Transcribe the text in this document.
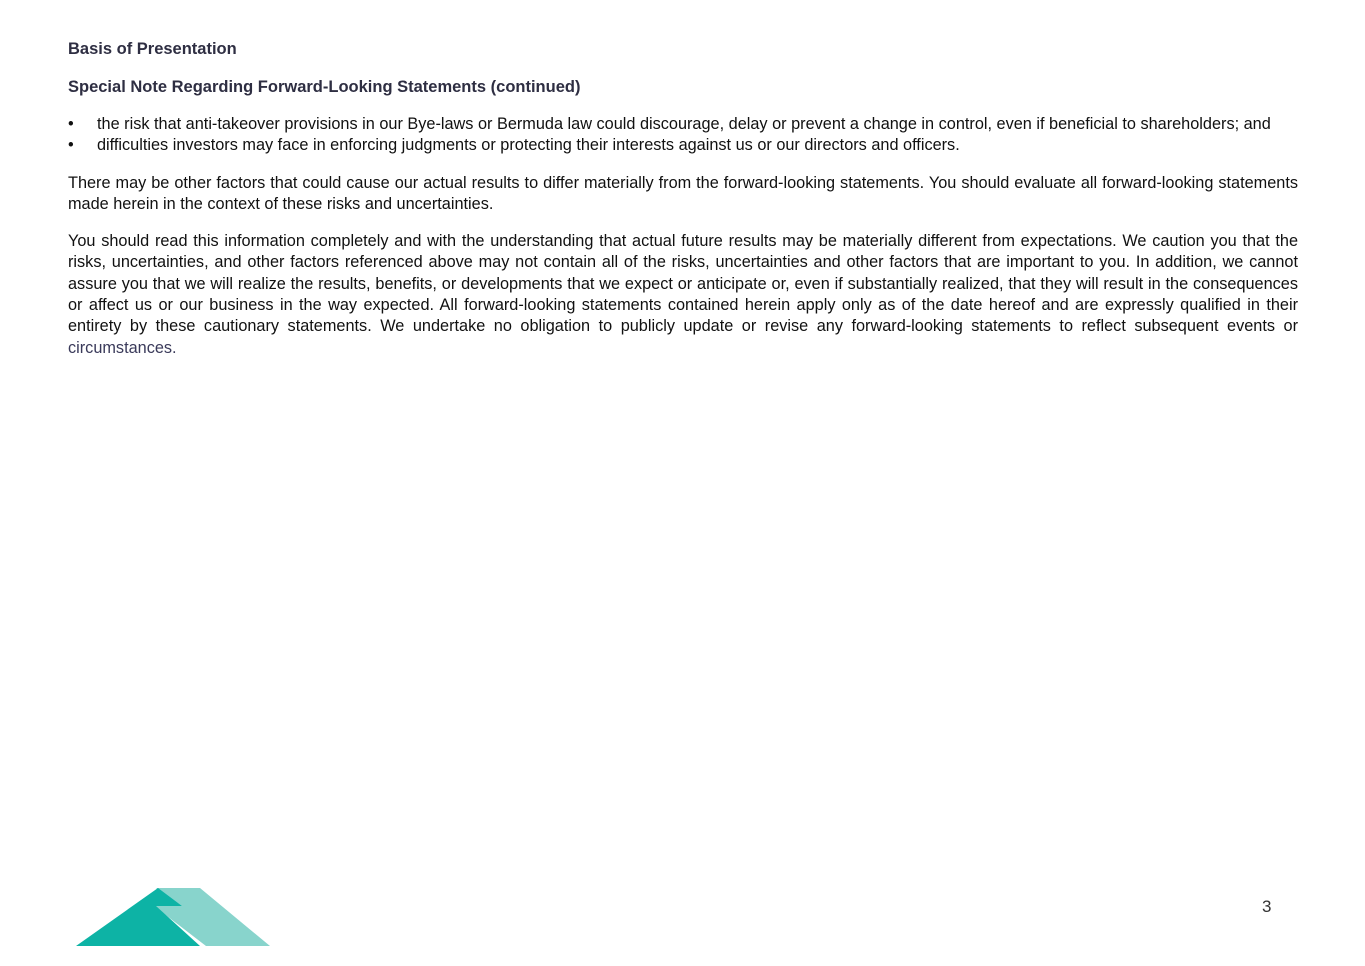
Basis of Presentation
Special Note Regarding Forward-Looking Statements (continued)
• the risk that anti-takeover provisions in our Bye-laws or Bermuda law could discourage, delay or prevent a change in control, even if beneficial to shareholders; and
• difficulties investors may face in enforcing judgments or protecting their interests against us or our directors and officers.

There may be other factors that could cause our actual results to differ materially from the forward-looking statements. You should evaluate all forward-looking statements made herein in the context of these risks and uncertainties.

You should read this information completely and with the understanding that actual future results may be materially different from expectations. We caution you that the risks, uncertainties, and other factors referenced above may not contain all of the risks, uncertainties and other factors that are important to you. In addition, we cannot assure you that we will realize the results, benefits, or developments that we expect or anticipate or, even if substantially realized, that they will result in the consequences or affect us or our business in the way expected. All forward-looking statements contained herein apply only as of the date hereof and are expressly qualified in their entirety by these cautionary statements. We undertake no obligation to publicly update or revise any forward-looking statements to reflect subsequent events or circumstances.

3
